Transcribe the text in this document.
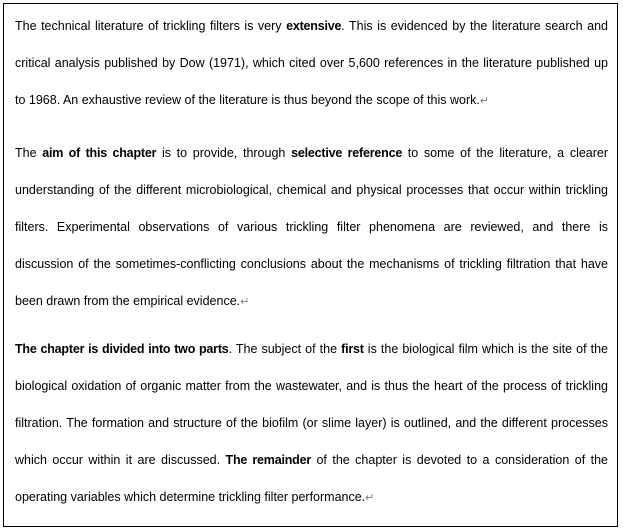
The technical literature of trickling filters is very extensive. This is evidenced by the literature search and critical analysis published by Dow (1971), which cited over 5,600 references in the literature published up to 1968. An exhaustive review of the literature is thus beyond the scope of this work.↵

The aim of this chapter is to provide, through selective reference to some of the literature, a clearer understanding of the different microbiological, chemical and physical processes that occur within trickling filters. Experimental observations of various trickling filter phenomena are reviewed, and there is discussion of the sometimes-conflicting conclusions about the mechanisms of trickling filtration that have been drawn from the empirical evidence.↵

The chapter is divided into two parts. The subject of the first is the biological film which is the site of the biological oxidation of organic matter from the wastewater, and is thus the heart of the process of trickling filtration. The formation and structure of the biofilm (or slime layer) is outlined, and the different processes which occur within it are discussed. The remainder of the chapter is devoted to a consideration of the operating variables which determine trickling filter performance.↵
